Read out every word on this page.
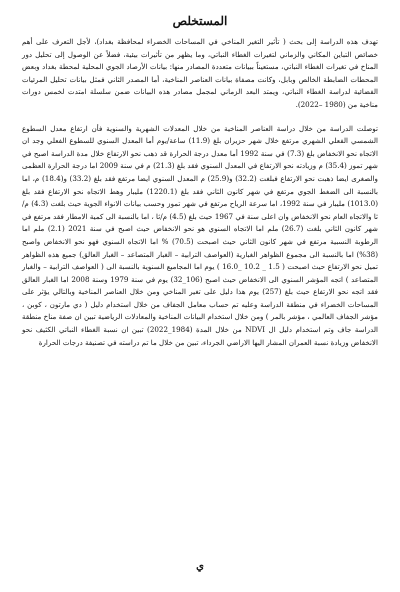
المستخلص

تهدف هذه الدراسة إلى بحث ( تأثير التغير المناخي في المساحات الخضراء لمحافظة بغداد)، لأجل التعرف على أهم خصائص التباين المكاني والزماني لتغيرات الغطاء النباتي، وما يظهر من تأثيرات بيئية، فضلاً عن الوصول إلى تحليل دور المناخ في تغيرات الغطاء النباتي، مستعيناً ببيانات متعددة المصادر منها: بيانات الأرصاد الجوي المحلية لمحطة بغداد وبعض المحطات الضابطة الخالص وبابل، وكانت مصفاة بيانات العناصر المناخية، أما المصدر الثاني فمثل بيانات تحليل المرئيات الفضائية لدراسة الغطاء النباتي، ويمتد البعد الزماني لمجمل مصادر هذه البيانات ضمن سلسلة امتدت لخمس دورات مناخية من (1980 –2022).

توصلت الدراسة من خلال دراسة العناصر المناخية من خلال المعدلات الشهرية والسنوية فأن ارتفاع معدل السطوع الشمسي الفعلي الشهري مرتفع خلال شهر حزيران بلغ (11.9) ساعة/يوم أما المعدل السنوي للسطوع الفعلي وجد ان الاتجاه نحو الانخفاض بلغ (7.3) في سنة 1992 أما معدل درجة الحرارة قد ذهب نحو الارتفاع خلال مدة الدراسة اصبح في شهر تموز (35.4) م وزيادته نحو الارتفاع في المعدل السنوي فقد بلغ (21.3) م في سنة 2009 اما درجة الحرارة العظمى والصغرى ايضا ذهبت نحو الارتفاع فبلغت (32.2) و(25.9) م المعدل السنوي ايضا مرتفع فقد بلغ (33.2) و(18.4) م، اما بالنسبة الى الضغط الجوي مرتفع في شهر كانون الثاني فقد بلغ (1220.1) مليبار وهط الاتجاه نحو الارتفاع فقد بلغ (1013.0) مليبار في سنة 1992، اما سرعة الرياح مرتفع في شهر تموز وحسب بيانات الانواء الجوية حيث بلغت (4.3) م/ثا والاتجاه العام نحو الانخفاض وان اعلى سنة في 1967 حيث بلغ (4.5) م/ثا ، اما بالنسبة الى كمية الامطار فقد مرتفع في شهر كانون الثاني بلغت (26.7) ملم اما الاتجاه السنوي هو نحو الانخفاض حيث اصبح في سنة 2021 (2.1) ملم اما الرطوبة النسبية مرتفع في شهر كانون الثاني حيث اصبحت (70.5) % اما الاتجاه السنوي فهو نحو الانخفاض واصبح (38%) اما بالنسبة الى مجموع الظواهر الغبارية (العواصف الترابية – الغبار المتصاعد – الغبار العالق) جميع هذه الظواهر تميل نحو الارتفاع حيث اصبحت ( 1.5 _ 10.2 _16.0 ) يوم اما المجاميع السنوية بالنسبة الى ( العواصف الترابية – والغبار المتصاعد ) اتجه المؤشر السنوي الى الانخفاض حيث اصبح (106_32) يوم في سنة 1979 وسنة 2008 اما الغبار العالق فقد اتجه نحو الارتفاع حيث بلغ (257) يوم هذا دليل على تغير المناخي ومن خلال العناصر المناخية وبالتالي يؤثر على المساحات الخضراء في منطقة الدراسة وعليه تم حساب معامل الجفاف من خلال استخدام دليل ( دي مارتون ، كوبن ، مؤشر الجفاف العالمي ، مؤشر بالمر ) ومن خلال استخدام البيانات المناخية والمعادلات الرياضية تبين ان صفة مناخ منطقة الدراسة جاف وتم استخدام دليل ال NDVI من خلال المدة (1984_2022) تبين ان نسبة الغطاء النباتي الكثيف نحو الانخفاض وزيادة نسبة العمران المشار اليها الاراضي الجرداء، تبين من خلال ما تم دراسته في تصنيفة درجات الحرارة

ي
